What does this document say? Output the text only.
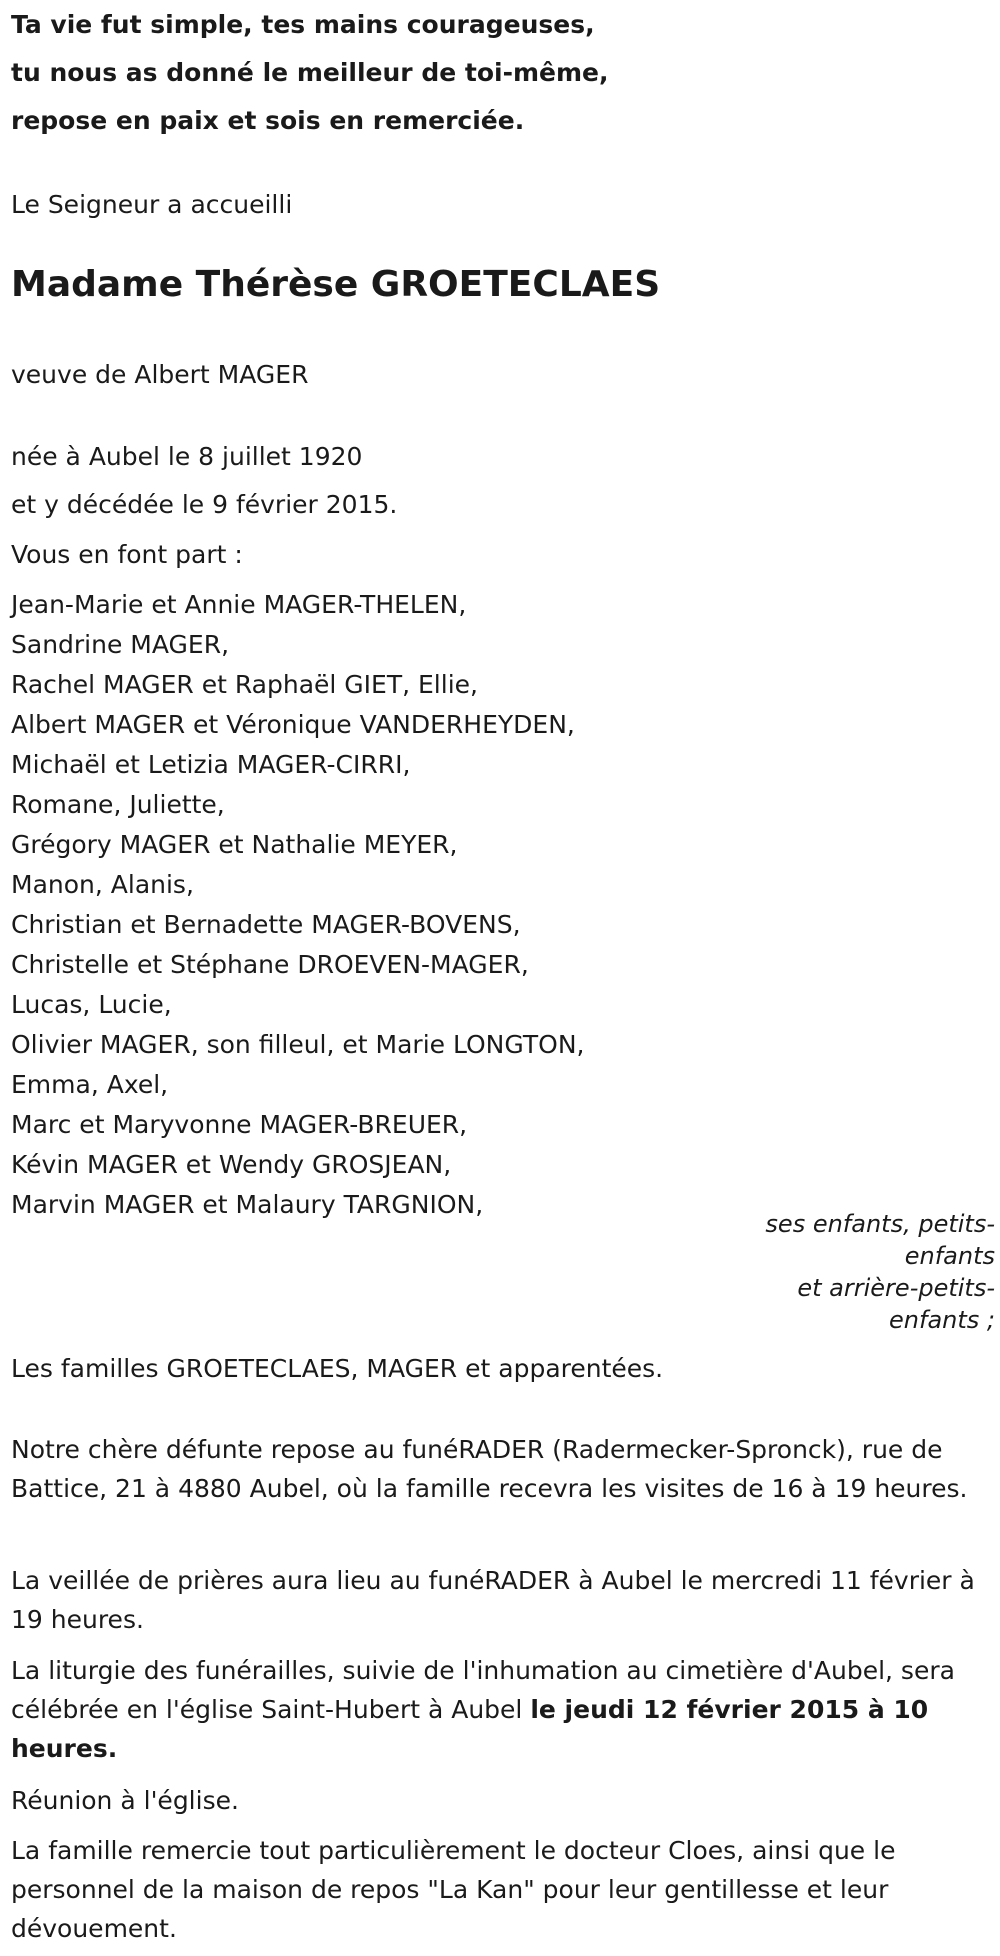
Ta vie fut simple, tes mains courageuses,
tu nous as donné le meilleur de toi-même,
repose en paix et sois en remerciée.
Le Seigneur a accueilli
Madame Thérèse GROETECLAES
veuve de Albert MAGER
née à Aubel le 8 juillet 1920
et y décédée le 9 février 2015.
Vous en font part :
Jean-Marie et Annie MAGER-THELEN,
Sandrine MAGER,
Rachel MAGER et Raphaël GIET, Ellie,
Albert MAGER et Véronique VANDERHEYDEN,
Michaël et Letizia MAGER-CIRRI,
Romane, Juliette,
Grégory MAGER et Nathalie MEYER,
Manon, Alanis,
Christian et Bernadette MAGER-BOVENS,
Christelle et Stéphane DROEVEN-MAGER,
Lucas, Lucie,
Olivier MAGER, son filleul, et Marie LONGTON,
Emma, Axel,
Marc et Maryvonne MAGER-BREUER,
Kévin MAGER et Wendy GROSJEAN,
Marvin MAGER et Malaury TARGNION,
ses enfants, petits-
enfants
et arrière-petits-
enfants ;
Les familles GROETECLAES, MAGER et apparentées.
Notre chère défunte repose au funéRADER (Radermecker-Spronck), rue de Battice, 21 à 4880 Aubel, où la famille recevra les visites de 16 à 19 heures.
La veillée de prières aura lieu au funéRADER à Aubel le mercredi 11 février à 19 heures.
La liturgie des funérailles, suivie de l'inhumation au cimetière d'Aubel, sera célébrée en l'église Saint-Hubert à Aubel le jeudi 12 février 2015 à 10 heures.
Réunion à l'église.
La famille remercie tout particulièrement le docteur Cloes, ainsi que le personnel de la maison de repos "La Kan" pour leur gentillesse et leur dévouement.
